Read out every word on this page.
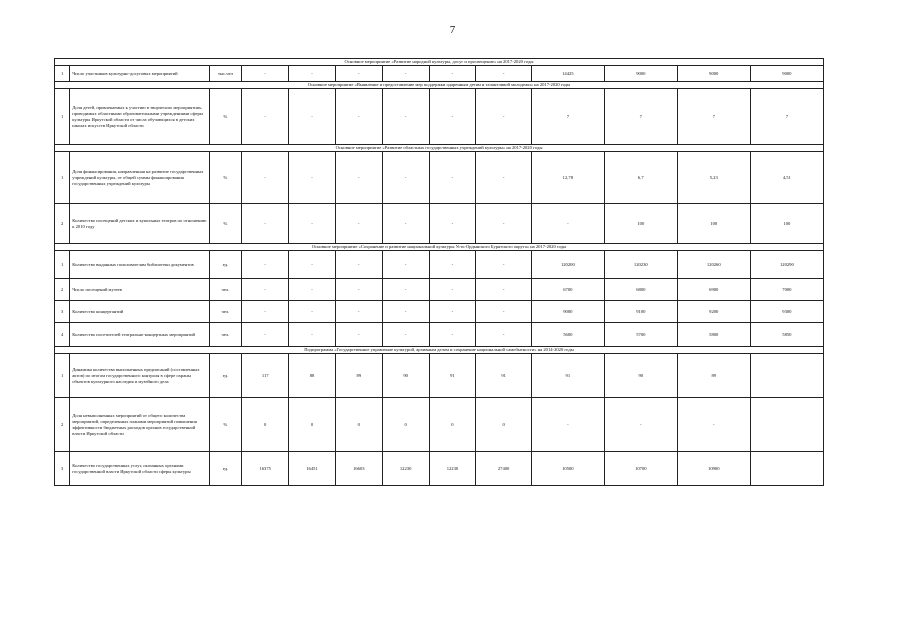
7
Основное мероприятие «Развитие народной культуры, досуг и просвещение» на 2017-2020 годы												
1	Число участников культурно-досуговых мероприятий	тыс.чел	-	-	-	-	-	-	14425	9000	9000	9000
Основное мероприятие «Выявление и предоставление мер поддержки одаренным детям и талантливой молодежи» на 2017-2020 годы												
1	Доля детей, привлекаемых к участию в творческих мероприятиях, проводимых областными образовательными учреждениями сферы культуры Иркутской области от числа обучающихся в детских школах искусств Иркутской области	%	-	-	-	-	-	-	7	7	7	7
Основное мероприятие «Развитие областных государственных учреждений культуры» на 2017-2020 годы												
1	Доля финансирования, направленная на развитие государственных учреждений культуры, от общей суммы финансирования государственных учреждений культуры	%	-	-	-	-	-	-	12,78	6,7	5,23	4,51
2	Количество посещений детских и кукольных театров по отношению к 2010 году	%	-	-	-	-	-	-	-	100	100	100
Основное мероприятие «Сохранение и развитие национальной культуры Усть-Ордынского Бурятского округа» на 2017-2020 годы												
1	Количество выданных пользователям библиотеки документов	ед.	-	-	-	-	-	-	120200	120230	120260	120290
2	Число посещений музеев	чел.	-	-	-	-	-	-	6700	6800	6900	7000
3	Количество концертантий	чел.	-	-	-	-	-	-	9000	9100	9200	9300
4	Количество посетителей театрально-концертных мероприятий	чел.	-	-	-	-	-	-	5600	5700	5800	5850
Подпрограмма «Государственное управление культурой, архивным делом и сохранение национальной самобытности» на 2014-2020 годы												
1	Динамика количества выполненных предписаний (составленных актов) по итогам государственного контроля в сфере охраны объектов культурного наследия и музейного дела	ед.	117	88	89	90	91	91	91	90	89	
2	Доля невыполненных мероприятий от общего количества мероприятий, определенных планами мероприятий повышения эффективности бюджетных расходов органов государственной власти Иркутской области	%	0	0	0	0	0	0	-	-	-	
3	Количество государственных услуг, оказанных органами государственной власти Иркутской области сферы культуры	ед.	16375	16451	16603	12230	12230	27400	10500	10700	10900	
